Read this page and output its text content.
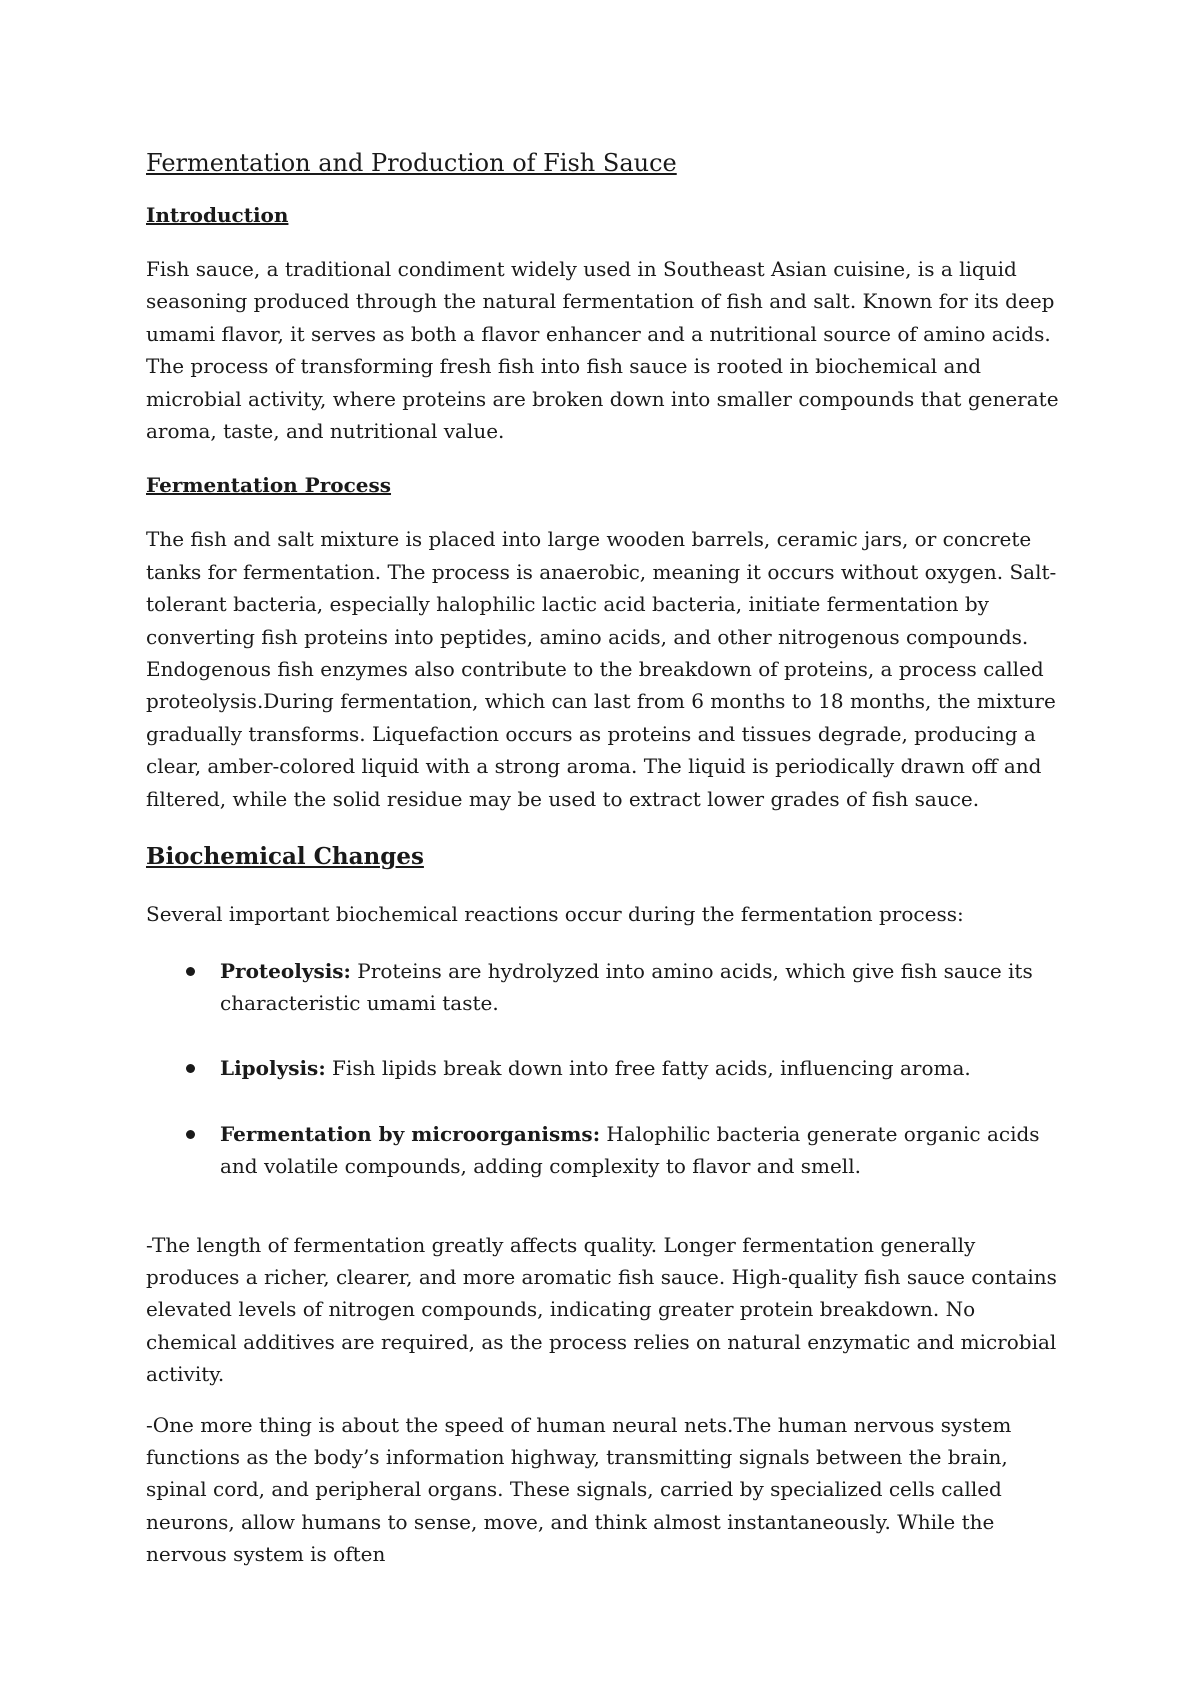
Fermentation and Production of Fish Sauce
Introduction

Fish sauce, a traditional condiment widely used in Southeast Asian cuisine, is a liquid seasoning produced through the natural fermentation of fish and salt. Known for its deep umami flavor, it serves as both a flavor enhancer and a nutritional source of amino acids. The process of transforming fresh fish into fish sauce is rooted in biochemical and microbial activity, where proteins are broken down into smaller compounds that generate aroma, taste, and nutritional value.

Fermentation Process

The fish and salt mixture is placed into large wooden barrels, ceramic jars, or concrete tanks for fermentation. The process is anaerobic, meaning it occurs without oxygen. Salt-tolerant bacteria, especially halophilic lactic acid bacteria, initiate fermentation by converting fish proteins into peptides, amino acids, and other nitrogenous compounds. Endogenous fish enzymes also contribute to the breakdown of proteins, a process called proteolysis.During fermentation, which can last from 6 months to 18 months, the mixture gradually transforms. Liquefaction occurs as proteins and tissues degrade, producing a clear, amber-colored liquid with a strong aroma. The liquid is periodically drawn off and filtered, while the solid residue may be used to extract lower grades of fish sauce.

Biochemical Changes

Several important biochemical reactions occur during the fermentation process:

Proteolysis: Proteins are hydrolyzed into amino acids, which give fish sauce its characteristic umami taste.
Lipolysis: Fish lipids break down into free fatty acids, influencing aroma.
Fermentation by microorganisms: Halophilic bacteria generate organic acids and volatile compounds, adding complexity to flavor and smell.

-The length of fermentation greatly affects quality. Longer fermentation generally produces a richer, clearer, and more aromatic fish sauce. High-quality fish sauce contains elevated levels of nitrogen compounds, indicating greater protein breakdown. No chemical additives are required, as the process relies on natural enzymatic and microbial activity.

-One more thing is about the speed of human neural nets.The human nervous system functions as the body’s information highway, transmitting signals between the brain, spinal cord, and peripheral organs. These signals, carried by specialized cells called neurons, allow humans to sense, move, and think almost instantaneously. While the nervous system is often
